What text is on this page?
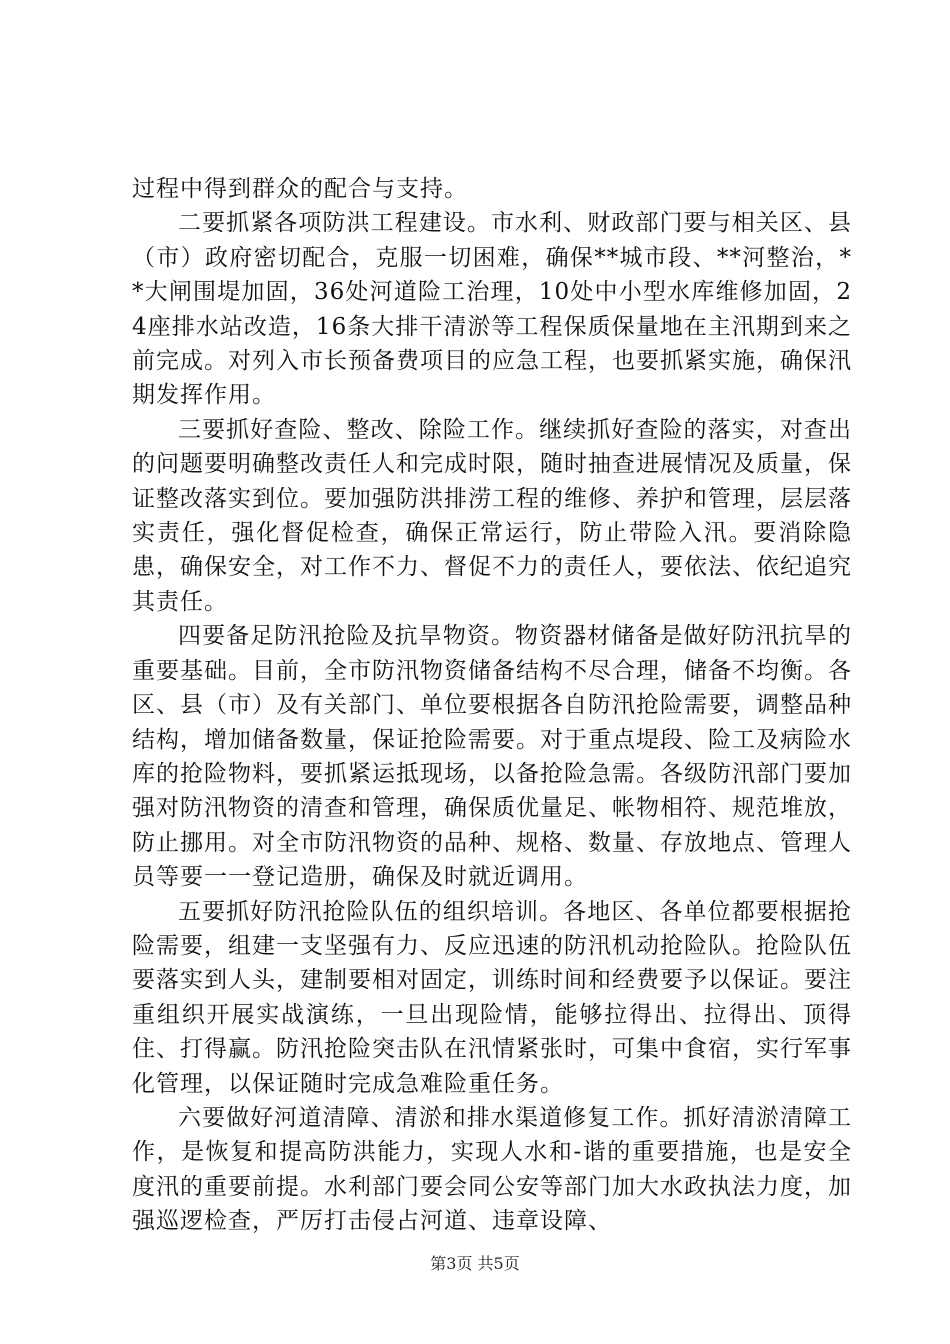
过程中得到群众的配合与支持。

二要抓紧各项防洪工程建设。市水利、财政部门要与相关区、县（市）政府密切配合，克服一切困难，确保**城市段、**河整治，**大闸围堤加固，36处河道险工治理，10处中小型水库维修加固，24座排水站改造，16条大排干清淤等工程保质保量地在主汛期到来之前完成。对列入市长预备费项目的应急工程，也要抓紧实施，确保汛期发挥作用。

三要抓好查险、整改、除险工作。继续抓好查险的落实，对查出的问题要明确整改责任人和完成时限，随时抽查进展情况及质量，保证整改落实到位。要加强防洪排涝工程的维修、养护和管理，层层落实责任，强化督促检查，确保正常运行，防止带险入汛。要消除隐患，确保安全，对工作不力、督促不力的责任人，要依法、依纪追究其责任。

四要备足防汛抢险及抗旱物资。物资器材储备是做好防汛抗旱的重要基础。目前，全市防汛物资储备结构不尽合理，储备不均衡。各区、县（市）及有关部门、单位要根据各自防汛抢险需要，调整品种结构，增加储备数量，保证抢险需要。对于重点堤段、险工及病险水库的抢险物料，要抓紧运抵现场，以备抢险急需。各级防汛部门要加强对防汛物资的清查和管理，确保质优量足、帐物相符、规范堆放，防止挪用。对全市防汛物资的品种、规格、数量、存放地点、管理人员等要一一登记造册，确保及时就近调用。

五要抓好防汛抢险队伍的组织培训。各地区、各单位都要根据抢险需要，组建一支坚强有力、反应迅速的防汛机动抢险队。抢险队伍要落实到人头，建制要相对固定，训练时间和经费要予以保证。要注重组织开展实战演练，一旦出现险情，能够拉得出、拉得出、顶得住、打得赢。防汛抢险突击队在汛情紧张时，可集中食宿，实行军事化管理，以保证随时完成急难险重任务。

六要做好河道清障、清淤和排水渠道修复工作。抓好清淤清障工作，是恢复和提高防洪能力，实现人水和-谐的重要措施，也是安全度汛的重要前提。水利部门要会同公安等部门加大水政执法力度，加强巡逻检查，严厉打击侵占河道、违章设障、

第3页 共5页
